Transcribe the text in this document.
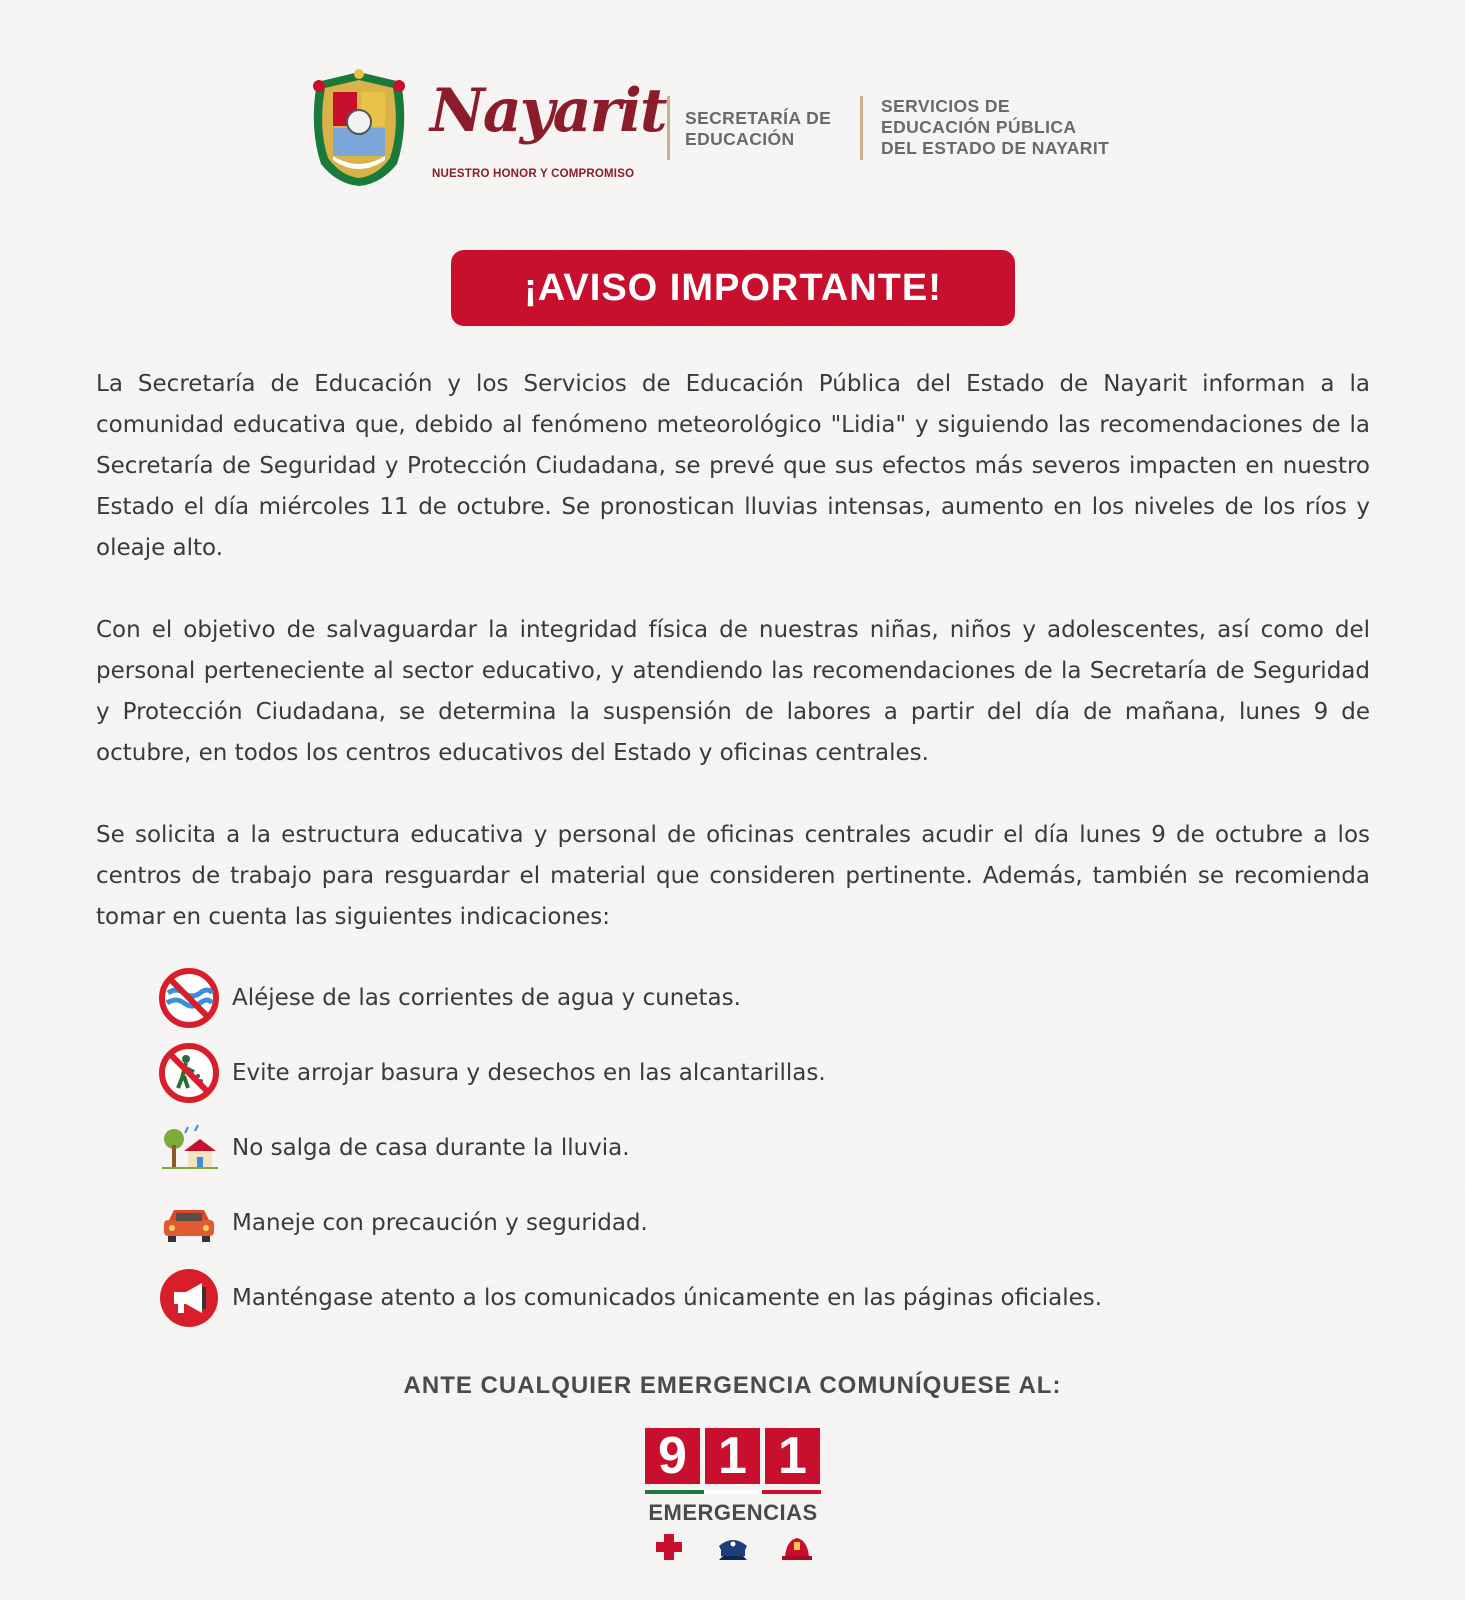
Nayarit
NUESTRO HONOR Y COMPROMISO
SECRETARÍA DE
EDUCACIÓN
SERVICIOS DE
EDUCACIÓN PÚBLICA
DEL ESTADO DE NAYARIT
¡AVISO IMPORTANTE!

La Secretaría de Educación y los Servicios de Educación Pública del Estado de Nayarit informan a la comunidad educativa que, debido al fenómeno meteorológico "Lidia" y siguiendo las recomendaciones de la Secretaría de Seguridad y Protección Ciudadana, se prevé que sus efectos más severos impacten en nuestro Estado el día miércoles 11 de octubre. Se pronostican lluvias intensas, aumento en los niveles de los ríos y oleaje alto.

Con el objetivo de salvaguardar la integridad física de nuestras niñas, niños y adolescentes, así como del personal perteneciente al sector educativo, y atendiendo las recomendaciones de la Secretaría de Seguridad y Protección Ciudadana, se determina la suspensión de labores a partir del día de mañana, lunes 9 de octubre, en todos los centros educativos del Estado y oficinas centrales.

Se solicita a la estructura educativa y personal de oficinas centrales acudir el día lunes 9 de octubre a los centros de trabajo para resguardar el material que consideren pertinente. Además, también se recomienda tomar en cuenta las siguientes indicaciones:

Aléjese de las corrientes de agua y cunetas.
Evite arrojar basura y desechos en las alcantarillas.
No salga de casa durante la lluvia.
Maneje con precaución y seguridad.
Manténgase atento a los comunicados únicamente en las páginas oficiales.
ANTE CUALQUIER EMERGENCIA COMUNÍQUESE AL:
9 1 1
EMERGENCIAS
